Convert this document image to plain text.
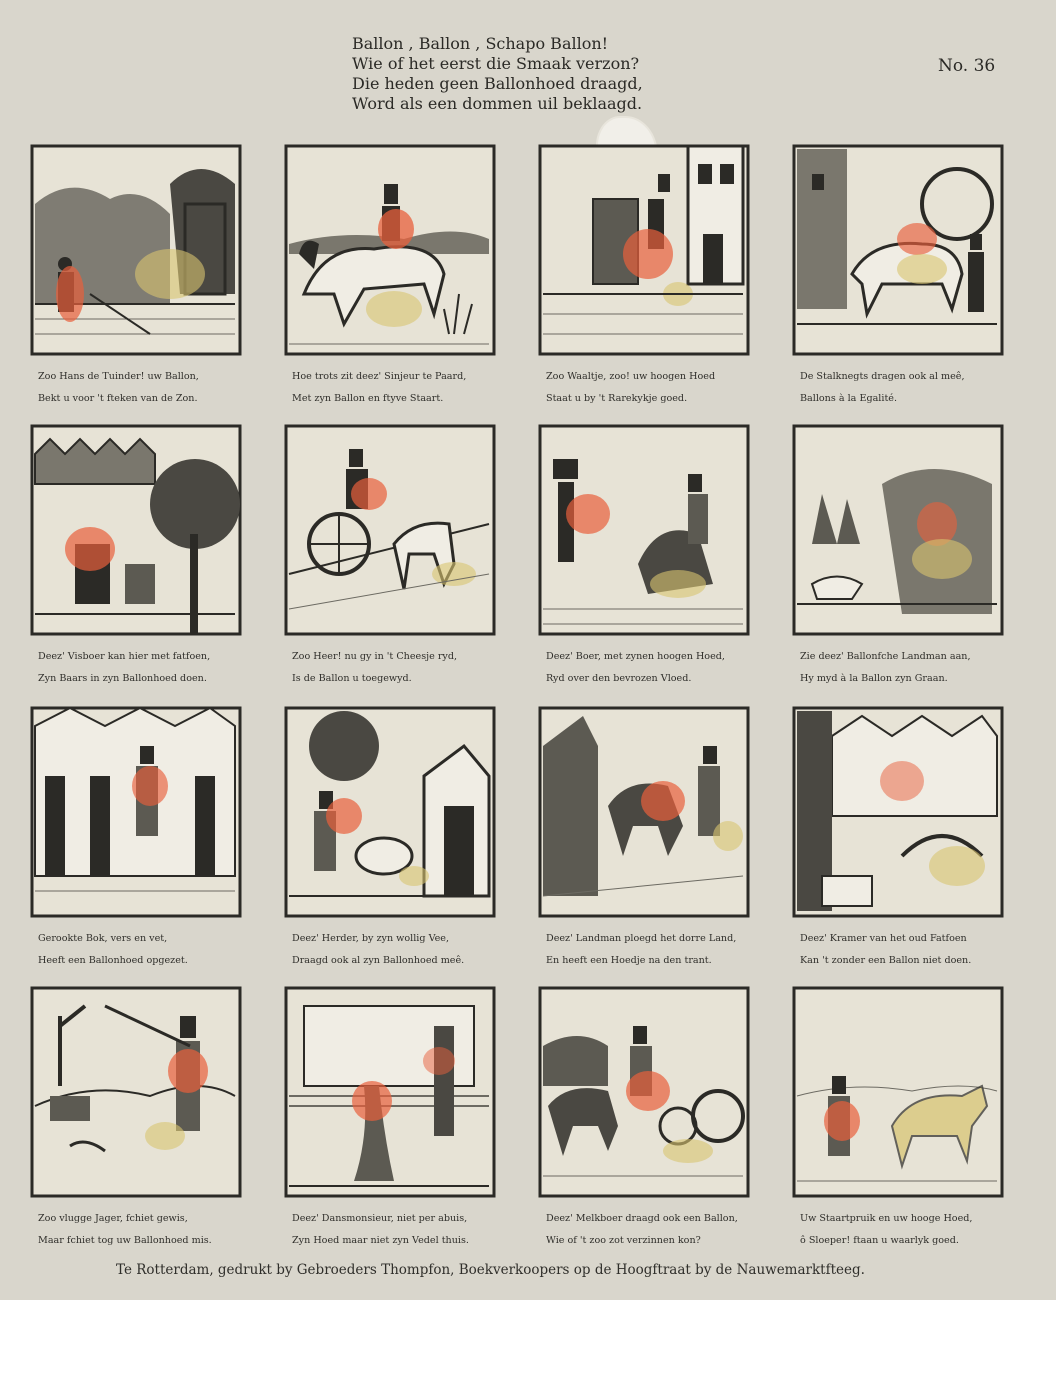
Ballon , Ballon , Schapo Ballon!
Wie of het eerst die Smaak verzon?
Die heden geen Ballonhoed draagd,
Word als een dommen uil beklaagd.
No. 36
Zoo Hans de Tuinder! uw Ballon,
Bekt u voor 't fteken van de Zon.
Hoe trots zit deez' Sinjeur te Paard,
Met zyn Ballon en ftyve Staart.
Zoo Waaltje, zoo! uw hoogen Hoed
Staat u by 't Rarekykje goed.
De Stalknegts dragen ook al meê,
Ballons à la Egalité.
Deez' Visboer kan hier met fatfoen,
Zyn Baars in zyn Ballonhoed doen.
Zoo Heer! nu gy in 't Cheesje ryd,
Is de Ballon u toegewyd.
Deez' Boer, met zynen hoogen Hoed,
Ryd over den bevrozen Vloed.
Zie deez' Ballonfche Landman aan,
Hy myd à la Ballon zyn Graan.
Gerookte Bok, vers en vet,
Heeft een Ballonhoed opgezet.
Deez' Herder, by zyn wollig Vee,
Draagd ook al zyn Ballonhoed meê.
Deez' Landman ploegd het dorre Land,
En heeft een Hoedje na den trant.
Deez' Kramer van het oud Fatfoen
Kan 't zonder een Ballon niet doen.
Zoo vlugge Jager, fchiet gewis,
Maar fchiet tog uw Ballonhoed mis.
Deez' Dansmonsieur, niet per abuis,
Zyn Hoed maar niet zyn Vedel thuis.
Deez' Melkboer draagd ook een Ballon,
Wie of 't zoo zot verzinnen kon?
Uw Staartpruik en uw hooge Hoed,
ô Sloeper! ftaan u waarlyk goed.
Te Rotterdam, gedrukt by Gebroeders Thompfon, Boekverkoopers op de Hoogftraat by de Nauwemarktfteeg.
